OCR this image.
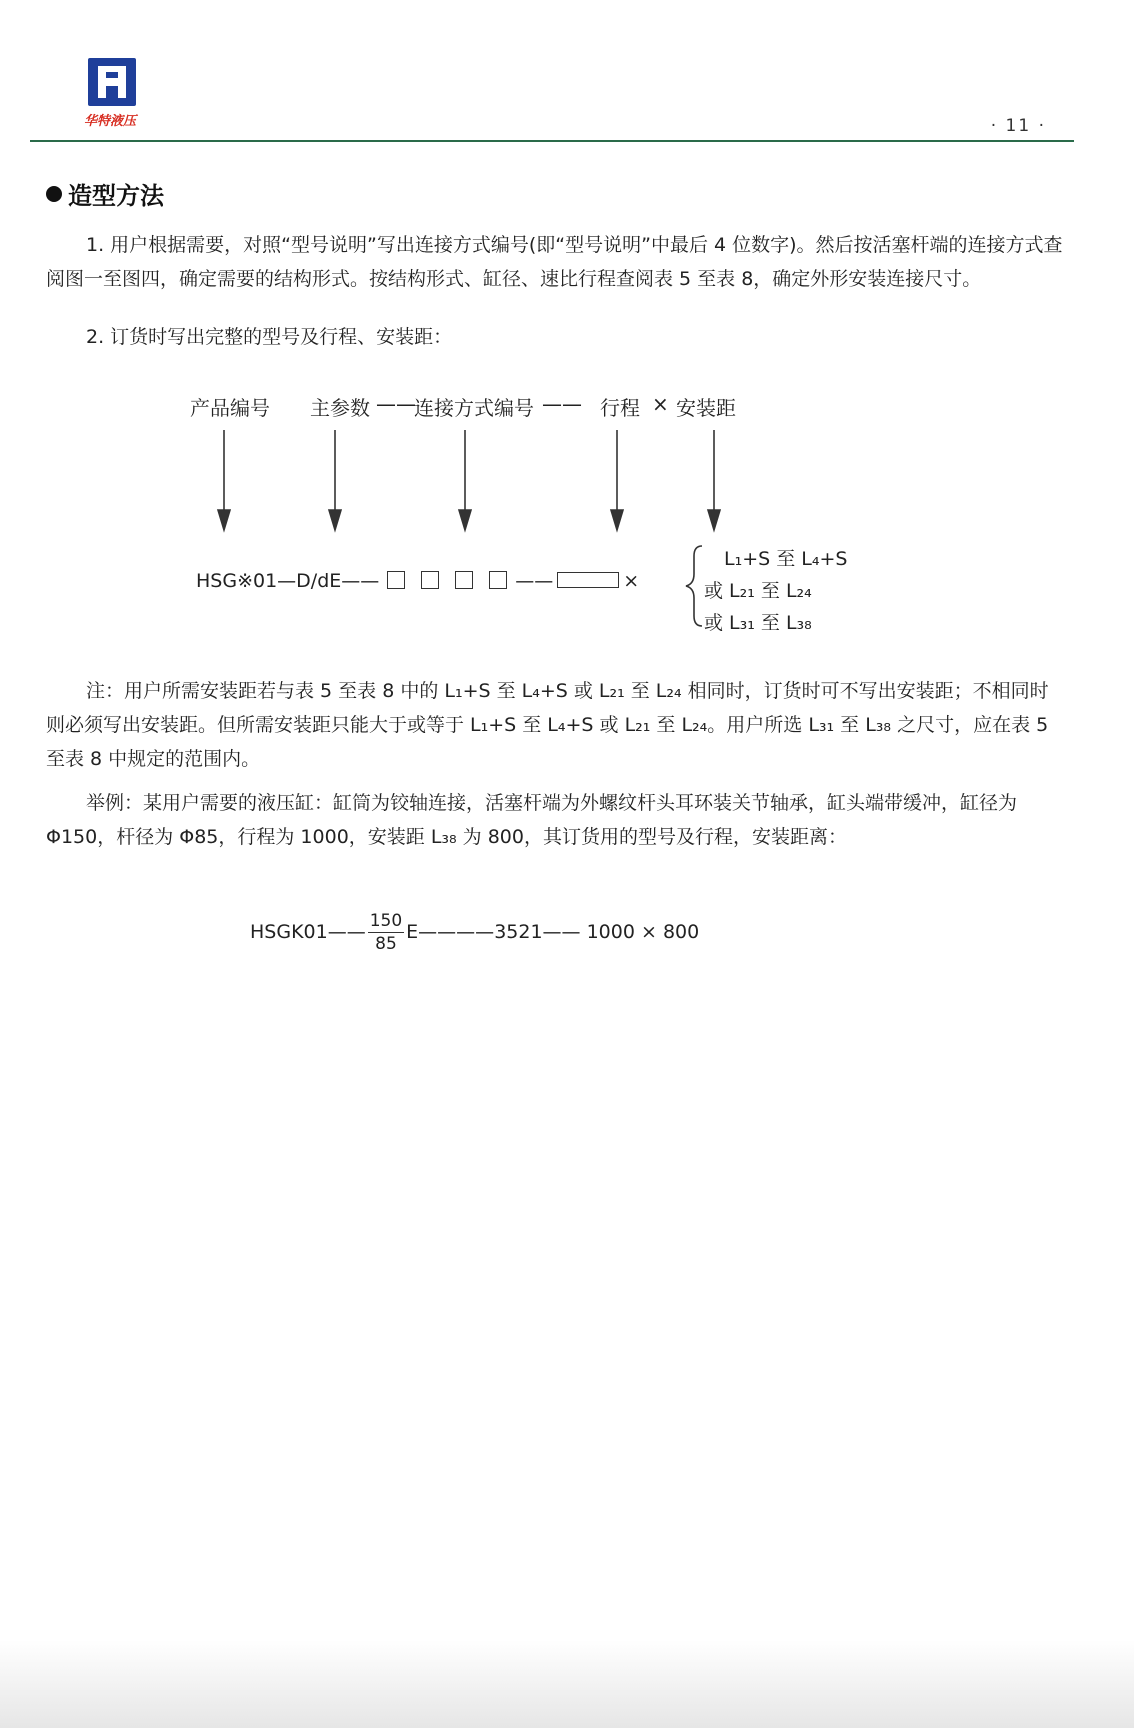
华特液压	· 11 ·
造型方法
1. 用户根据需要，对照“型号说明”写出连接方式编号(即“型号说明”中最后 4 位数字)。然后按活塞杆端的连接方式查阅图一至图四，确定需要的结构形式。按结构形式、缸径、速比行程查阅表 5 至表 8，确定外形安装连接尺寸。
2. 订货时写出完整的型号及行程、安装距：
产品编号 主参数 ——
连接方式编号 —— 行程 × 安装距
HSG※01—D/dE——	——	×
L₁+S 至 L₄+S
或 L₂₁ 至 L₂₄
或 L₃₁ 至 L₃₈
注：用户所需安装距若与表 5 至表 8 中的 L₁+S 至 L₄+S 或 L₂₁ 至 L₂₄ 相同时，订货时可不写出安装距；不相同时则必须写出安装距。但所需安装距只能大于或等于 L₁+S 至 L₄+S 或 L₂₁ 至 L₂₄。用户所选 L₃₁ 至 L₃₈ 之尺寸，应在表 5 至表 8 中规定的范围内。
举例：某用户需要的液压缸：缸筒为铰轴连接，活塞杆端为外螺纹杆头耳环装关节轴承，缸头端带缓冲，缸径为 Φ150，杆径为 Φ85，行程为 1000，安装距 L₃₈ 为 800，其订货用的型号及行程，安装距离：
HSGK01—— $\frac{150}{85}$ E————3521—— 1000 × 800
